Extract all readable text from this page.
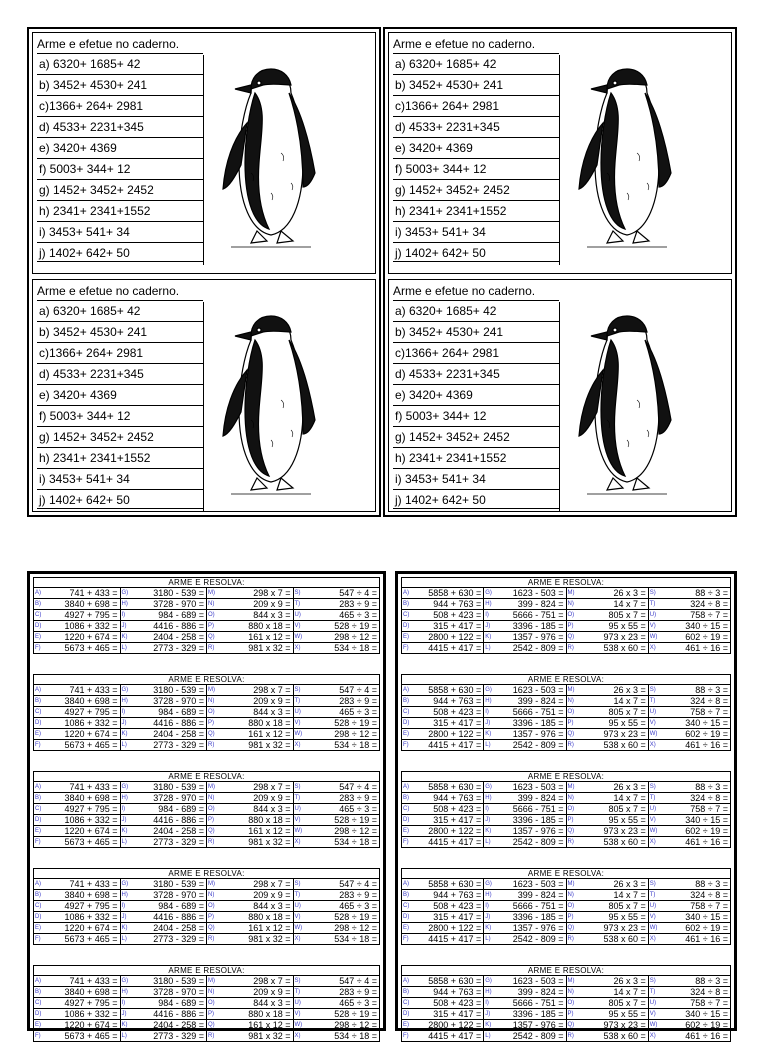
Arme e efetue no caderno.
a) 6320+ 1685+ 42
b) 3452+ 4530+ 241
c)1366+ 264+ 2981
d) 4533+ 2231+345
e) 3420+ 4369
f) 5003+ 344+ 12
g) 1452+ 3452+ 2452
h) 2341+ 2341+1552
i) 3453+ 541+ 34
j) 1402+ 642+ 50
Arme e efetue no caderno.
a) 6320+ 1685+ 42
b) 3452+ 4530+ 241
c)1366+ 264+ 2981
d) 4533+ 2231+345
e) 3420+ 4369
f) 5003+ 344+ 12
g) 1452+ 3452+ 2452
h) 2341+ 2341+1552
i) 3453+ 541+ 34
j) 1402+ 642+ 50
Arme e efetue no caderno.
a) 6320+ 1685+ 42
b) 3452+ 4530+ 241
c)1366+ 264+ 2981
d) 4533+ 2231+345
e) 3420+ 4369
f) 5003+ 344+ 12
g) 1452+ 3452+ 2452
h) 2341+ 2341+1552
i) 3453+ 541+ 34
j) 1402+ 642+ 50
Arme e efetue no caderno.
a) 6320+ 1685+ 42
b) 3452+ 4530+ 241
c)1366+ 264+ 2981
d) 4533+ 2231+345
e) 3420+ 4369
f) 5003+ 344+ 12
g) 1452+ 3452+ 2452
h) 2341+ 2341+1552
i) 3453+ 541+ 34
j) 1402+ 642+ 50
ARME E RESOLVA:
A)	741 + 433 = G)	3180 - 539 = M)	298 x 7 = S)	547 ÷ 4 =
B)	3840 + 698 = H)	3728 - 970 = N)	209 x 9 = T)	283 ÷ 9 =
C)	4927 + 795 = I)	984 - 689 = O)	844 x 3 = U)	465 ÷ 3 =
D)	1086 + 332 = J)	4416 - 886 = P)	880 x 18 = V)	528 ÷ 19 =
E)	1220 + 674 = K)	2404 - 258 = Q)	161 x 12 = W)	298 ÷ 12 =
F)	5673 + 465 = L)	2773 - 329 = R)	981 x 32 = X)	534 ÷ 18 =
ARME E RESOLVA:
A)	741 + 433 = G)	3180 - 539 = M)	298 x 7 = S)	547 ÷ 4 =
B)	3840 + 698 = H)	3728 - 970 = N)	209 x 9 = T)	283 ÷ 9 =
C)	4927 + 795 = I)	984 - 689 = O)	844 x 3 = U)	465 ÷ 3 =
D)	1086 + 332 = J)	4416 - 886 = P)	880 x 18 = V)	528 ÷ 19 =
E)	1220 + 674 = K)	2404 - 258 = Q)	161 x 12 = W)	298 ÷ 12 =
F)	5673 + 465 = L)	2773 - 329 = R)	981 x 32 = X)	534 ÷ 18 =
ARME E RESOLVA:
A)	741 + 433 = G)	3180 - 539 = M)	298 x 7 = S)	547 ÷ 4 =
B)	3840 + 698 = H)	3728 - 970 = N)	209 x 9 = T)	283 ÷ 9 =
C)	4927 + 795 = I)	984 - 689 = O)	844 x 3 = U)	465 ÷ 3 =
D)	1086 + 332 = J)	4416 - 886 = P)	880 x 18 = V)	528 ÷ 19 =
E)	1220 + 674 = K)	2404 - 258 = Q)	161 x 12 = W)	298 ÷ 12 =
F)	5673 + 465 = L)	2773 - 329 = R)	981 x 32 = X)	534 ÷ 18 =
ARME E RESOLVA:
A)	741 + 433 = G)	3180 - 539 = M)	298 x 7 = S)	547 ÷ 4 =
B)	3840 + 698 = H)	3728 - 970 = N)	209 x 9 = T)	283 ÷ 9 =
C)	4927 + 795 = I)	984 - 689 = O)	844 x 3 = U)	465 ÷ 3 =
D)	1086 + 332 = J)	4416 - 886 = P)	880 x 18 = V)	528 ÷ 19 =
E)	1220 + 674 = K)	2404 - 258 = Q)	161 x 12 = W)	298 ÷ 12 =
F)	5673 + 465 = L)	2773 - 329 = R)	981 x 32 = X)	534 ÷ 18 =
ARME E RESOLVA:
A)	741 + 433 = G)	3180 - 539 = M)	298 x 7 = S)	547 ÷ 4 =
B)	3840 + 698 = H)	3728 - 970 = N)	209 x 9 = T)	283 ÷ 9 =
C)	4927 + 795 = I)	984 - 689 = O)	844 x 3 = U)	465 ÷ 3 =
D)	1086 + 332 = J)	4416 - 886 = P)	880 x 18 = V)	528 ÷ 19 =
E)	1220 + 674 = K)	2404 - 258 = Q)	161 x 12 = W)	298 ÷ 12 =
F)	5673 + 465 = L)	2773 - 329 = R)	981 x 32 = X)	534 ÷ 18 =
ARME E RESOLVA:
A) 5858 + 630 = G) 1623 - 503 = M)	26 x 3 = S)	88 ÷ 3 =
B)	944 + 763 = H)	399 - 824 = N)	14 x 7 = T)	324 ÷ 8 =
C)	508 + 423 = I)	5666 - 751 = O)	805 x 7 = U)	758 ÷ 7 =
D)	315 + 417 = J) 3396 - 185 = P)	95 x 55 = V)	340 ÷ 15 =
E) 2800 + 122 = K) 1357 - 976 = Q)	973 x 23 = W)	602 ÷ 19 =
F) 4415 + 417 = L) 2542 - 809 = R)	538 x 60 = X)	461 ÷ 16 =
ARME E RESOLVA:
A) 5858 + 630 = G) 1623 - 503 = M)	26 x 3 = S)	88 ÷ 3 =
B)	944 + 763 = H)	399 - 824 = N)	14 x 7 = T)	324 ÷ 8 =
C)	508 + 423 = I)	5666 - 751 = O)	805 x 7 = U)	758 ÷ 7 =
D)	315 + 417 = J) 3396 - 185 = P)	95 x 55 = V)	340 ÷ 15 =
E) 2800 + 122 = K) 1357 - 976 = Q)	973 x 23 = W)	602 ÷ 19 =
F) 4415 + 417 = L) 2542 - 809 = R)	538 x 60 = X)	461 ÷ 16 =
ARME E RESOLVA:
A) 5858 + 630 = G) 1623 - 503 = M)	26 x 3 = S)	88 ÷ 3 =
B)	944 + 763 = H)	399 - 824 = N)	14 x 7 = T)	324 ÷ 8 =
C)	508 + 423 = I)	5666 - 751 = O)	805 x 7 = U)	758 ÷ 7 =
D)	315 + 417 = J) 3396 - 185 = P)	95 x 55 = V)	340 ÷ 15 =
E) 2800 + 122 = K) 1357 - 976 = Q)	973 x 23 = W)	602 ÷ 19 =
F) 4415 + 417 = L) 2542 - 809 = R)	538 x 60 = X)	461 ÷ 16 =
ARME E RESOLVA:
A) 5858 + 630 = G) 1623 - 503 = M)	26 x 3 = S)	88 ÷ 3 =
B)	944 + 763 = H)	399 - 824 = N)	14 x 7 = T)	324 ÷ 8 =
C)	508 + 423 = I)	5666 - 751 = O)	805 x 7 = U)	758 ÷ 7 =
D)	315 + 417 = J) 3396 - 185 = P)	95 x 55 = V)	340 ÷ 15 =
E) 2800 + 122 = K) 1357 - 976 = Q)	973 x 23 = W)	602 ÷ 19 =
F) 4415 + 417 = L) 2542 - 809 = R)	538 x 60 = X)	461 ÷ 16 =
ARME E RESOLVA:
A) 5858 + 630 = G) 1623 - 503 = M)	26 x 3 = S)	88 ÷ 3 =
B)	944 + 763 = H)	399 - 824 = N)	14 x 7 = T)	324 ÷ 8 =
C)	508 + 423 = I)	5666 - 751 = O)	805 x 7 = U)	758 ÷ 7 =
D)	315 + 417 = J) 3396 - 185 = P)	95 x 55 = V)	340 ÷ 15 =
E) 2800 + 122 = K) 1357 - 976 = Q)	973 x 23 = W)	602 ÷ 19 =
F) 4415 + 417 = L) 2542 - 809 = R)	538 x 60 = X)	461 ÷ 16 =
